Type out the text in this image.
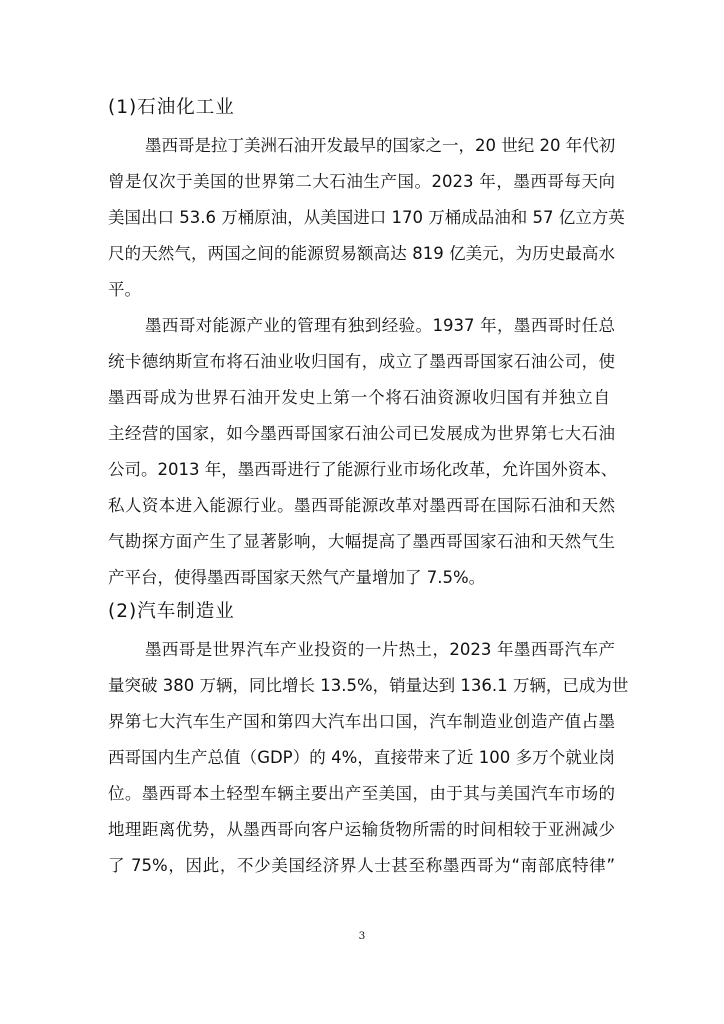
(1)石油化工业
墨西哥是拉丁美洲石油开发最早的国家之一，20 世纪 20 年代初
曾是仅次于美国的世界第二大石油生产国。2023 年，墨西哥每天向
美国出口 53.6 万桶原油，从美国进口 170 万桶成品油和 57 亿立方英
尺的天然气，两国之间的能源贸易额高达 819 亿美元，为历史最高水
平。
墨西哥对能源产业的管理有独到经验。1937 年，墨西哥时任总
统卡德纳斯宣布将石油业收归国有，成立了墨西哥国家石油公司，使
墨西哥成为世界石油开发史上第一个将石油资源收归国有并独立自
主经营的国家，如今墨西哥国家石油公司已发展成为世界第七大石油
公司。2013 年，墨西哥进行了能源行业市场化改革，允许国外资本、
私人资本进入能源行业。墨西哥能源改革对墨西哥在国际石油和天然
气勘探方面产生了显著影响，大幅提高了墨西哥国家石油和天然气生
产平台，使得墨西哥国家天然气产量增加了 7.5%。
(2)汽车制造业
墨西哥是世界汽车产业投资的一片热土，2023 年墨西哥汽车产
量突破 380 万辆，同比增长 13.5%，销量达到 136.1 万辆，已成为世
界第七大汽车生产国和第四大汽车出口国，汽车制造业创造产值占墨
西哥国内生产总值（GDP）的 4%，直接带来了近 100 多万个就业岗
位。墨西哥本土轻型车辆主要出产至美国，由于其与美国汽车市场的
地理距离优势，从墨西哥向客户运输货物所需的时间相较于亚洲减少
了 75%，因此，不少美国经济界人士甚至称墨西哥为“南部底特律”
3
